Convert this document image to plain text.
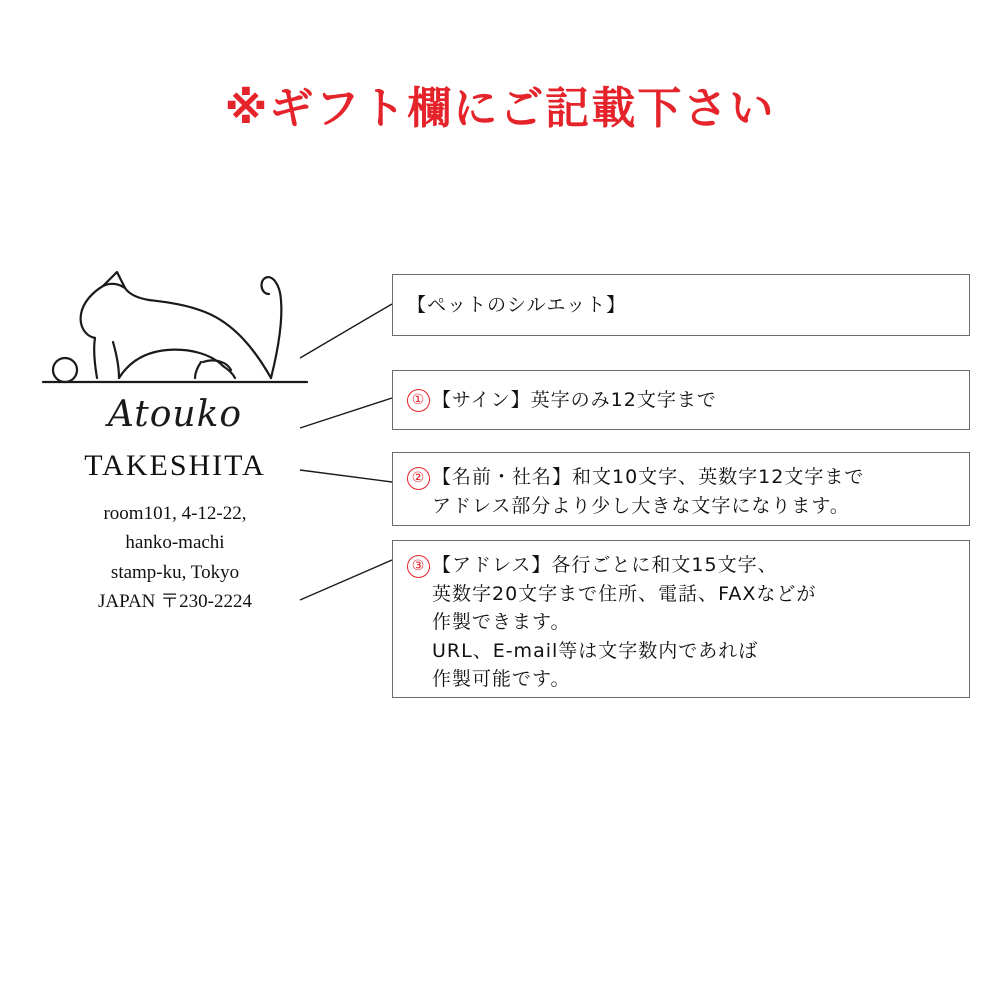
※ギフト欄にご記載下さい
Atouko
TAKESHITA
room101, 4-12-22,
hanko-machi
stamp-ku, Tokyo
JAPAN 〒230-2224
【ペットのシルエット】
① 【サイン】英字のみ12文字まで
② 【名前・社名】和文10文字、英数字12文字まで
アドレス部分より少し大きな文字になります。
③ 【アドレス】各行ごとに和文15文字、
英数字20文字まで住所、電話、FAXなどが
作製できます。
URL、E-mail等は文字数内であれば
作製可能です。
